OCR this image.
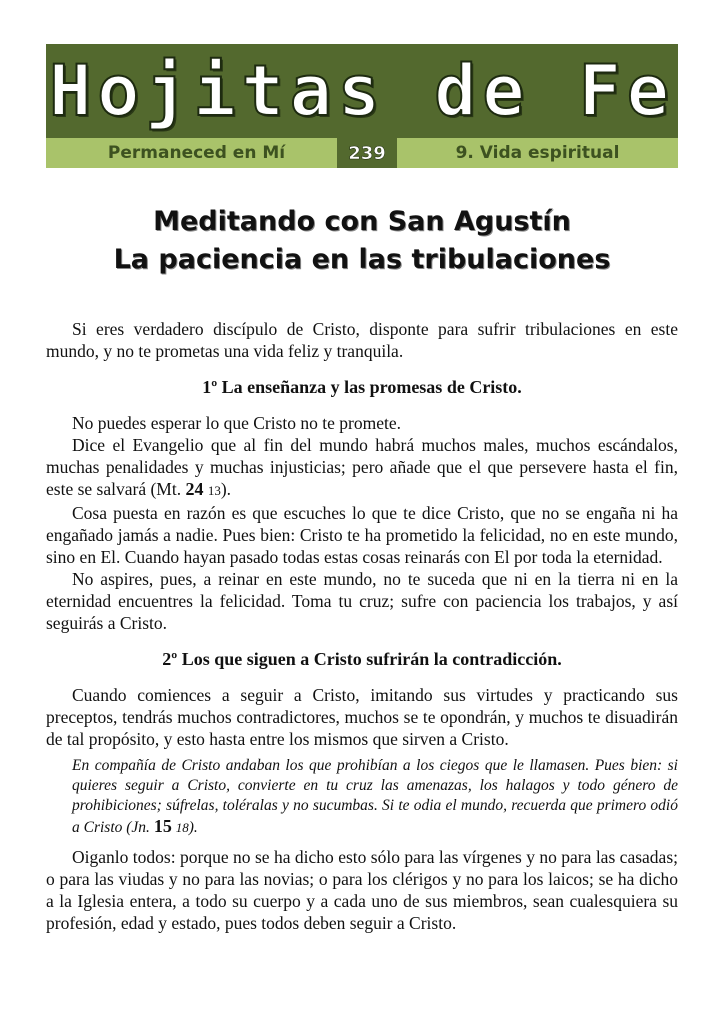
Hojitas de Fe
Permaneced en Mí	239	9. Vida espiritual
Meditando con San Agustín
La paciencia en las tribulaciones

Si eres verdadero discípulo de Cristo, disponte para sufrir tribulaciones en este mundo, y no te prometas una vida feliz y tranquila.

1º La enseñanza y las promesas de Cristo.

No puedes esperar lo que Cristo no te promete.

Dice el Evangelio que al fin del mundo habrá muchos males, muchos escándalos, muchas penalidades y muchas injusticias; pero añade que el que persevere hasta el fin, este se salvará (Mt. 24 13).

Cosa puesta en razón es que escuches lo que te dice Cristo, que no se engaña ni ha engañado jamás a nadie. Pues bien: Cristo te ha prometido la felicidad, no en este mundo, sino en El. Cuando hayan pasado todas estas cosas reinarás con El por toda la eternidad.

No aspires, pues, a reinar en este mundo, no te suceda que ni en la tierra ni en la eternidad encuentres la felicidad. Toma tu cruz; sufre con paciencia los trabajos, y así seguirás a Cristo.

2º Los que siguen a Cristo sufrirán la contradicción.

Cuando comiences a seguir a Cristo, imitando sus virtudes y practicando sus preceptos, tendrás muchos contradictores, muchos se te opondrán, y muchos te disuadirán de tal propósito, y esto hasta entre los mismos que sirven a Cristo.

En compañía de Cristo andaban los que prohibían a los ciegos que le llamasen. Pues bien: si quieres seguir a Cristo, convierte en tu cruz las amenazas, los halagos y todo género de prohibiciones; súfrelas, toléralas y no sucumbas. Si te odia el mundo, recuerda que primero odió a Cristo (Jn. 15 18).

Oiganlo todos: porque no se ha dicho esto sólo para las vírgenes y no para las casadas; o para las viudas y no para las novias; o para los clérigos y no para los laicos; se ha dicho a la Iglesia entera, a todo su cuerpo y a cada uno de sus miembros, sean cualesquiera su profesión, edad y estado, pues todos deben seguir a Cristo.
